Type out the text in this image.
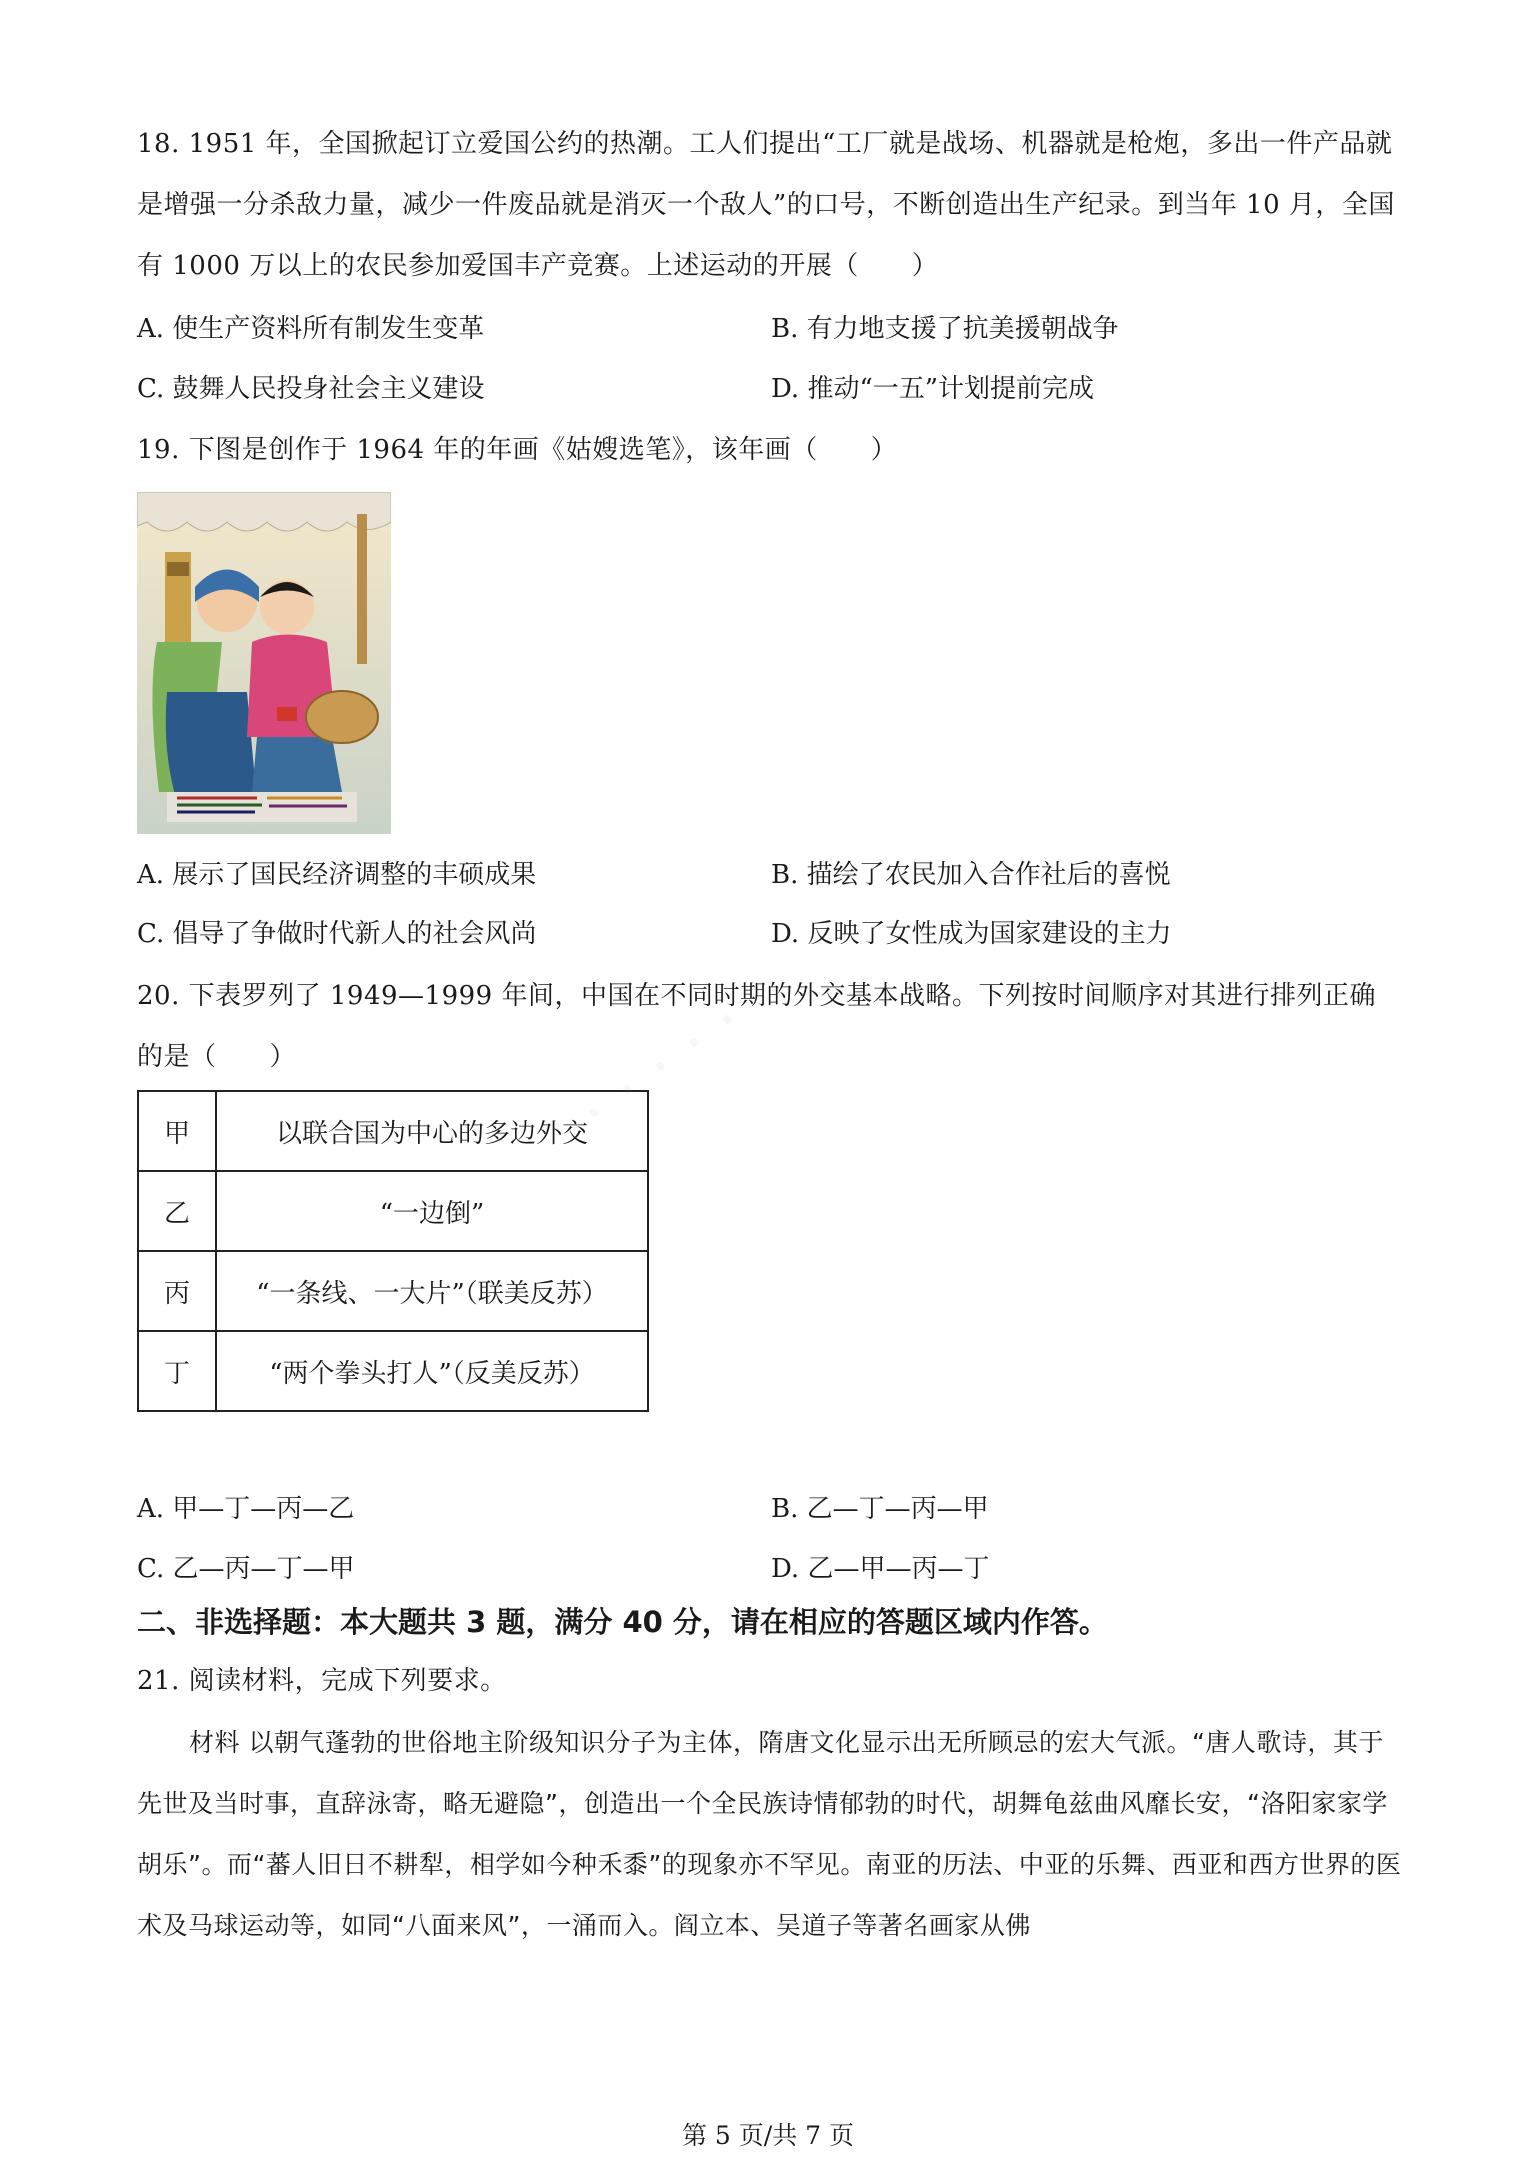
18. 1951 年，全国掀起订立爱国公约的热潮。工人们提出“工厂就是战场、机器就是枪炮，多出一件产品就是增强一分杀敌力量，减少一件废品就是消灭一个敌人”的口号，不断创造出生产纪录。到当年 10 月，全国有 1000 万以上的农民参加爱国丰产竞赛。上述运动的开展（　　）

A. 使生产资料所有制发生变革	B. 有力地支援了抗美援朝战争
C. 鼓舞人民投身社会主义建设	D. 推动“一五”计划提前完成

19. 下图是创作于 1964 年的年画《姑嫂选笔》，该年画（　　）

A. 展示了国民经济调整的丰硕成果	B. 描绘了农民加入合作社后的喜悦
C. 倡导了争做时代新人的社会风尚	D. 反映了女性成为国家建设的主力

20. 下表罗列了 1949—1999 年间，中国在不同时期的外交基本战略。下列按时间顺序对其进行排列正确的是（　　）

甲	以联合国为中心的多边外交
乙	“一边倒”
丙	“一条线、一大片”（联美反苏）
丁	“两个拳头打人”（反美反苏）
A. 甲—丁—丙—乙	B. 乙—丁—丙—甲
C. 乙—丙—丁—甲	D. 乙—甲—丙—丁
二、非选择题：本大题共 3 题，满分 40 分，请在相应的答题区域内作答。

21. 阅读材料，完成下列要求。

材料 以朝气蓬勃的世俗地主阶级知识分子为主体，隋唐文化显示出无所顾忌的宏大气派。“唐人歌诗，其于先世及当时事，直辞泳寄，略无避隐”，创造出一个全民族诗情郁勃的时代，胡舞龟兹曲风靡长安，“洛阳家家学胡乐”。而“蕃人旧日不耕犁，相学如今种禾黍”的现象亦不罕见。南亚的历法、中亚的乐舞、西亚和西方世界的医术及马球运动等，如同“八面来风”，一涌而入。阎立本、吴道子等著名画家从佛

第 5 页/共 7 页
· · · · ·
